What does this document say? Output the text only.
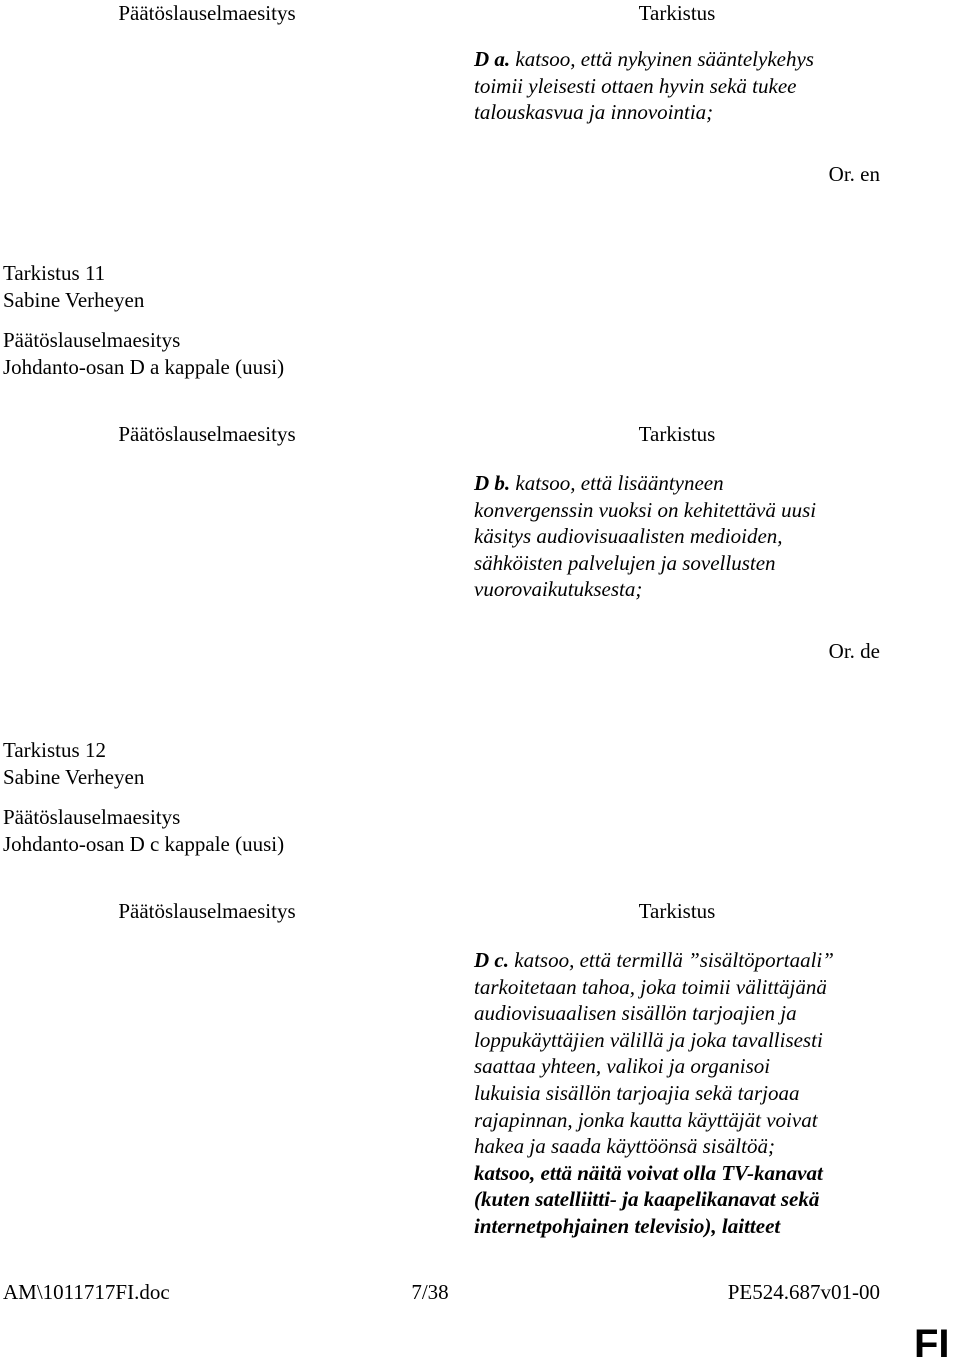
Päätöslauselmaesitys	Tarkistus
D a. katsoo, että nykyinen sääntelykehys
toimii yleisesti ottaen hyvin sekä tukee
talouskasvua ja innovointia;
Or. en
Tarkistus 11
Sabine Verheyen
Päätöslauselmaesitys
Johdanto-osan D a kappale (uusi)
Päätöslauselmaesitys	Tarkistus
D b. katsoo, että lisääntyneen
konvergenssin vuoksi on kehitettävä uusi
käsitys audiovisuaalisten medioiden,
sähköisten palvelujen ja sovellusten
vuorovaikutuksesta;
Or. de
Tarkistus 12
Sabine Verheyen
Päätöslauselmaesitys
Johdanto-osan D c kappale (uusi)
Päätöslauselmaesitys	Tarkistus
D c. katsoo, että termillä ”sisältöportaali”
tarkoitetaan tahoa, joka toimii välittäjänä
audiovisuaalisen sisällön tarjoajien ja
loppukäyttäjien välillä ja joka tavallisesti
saattaa yhteen, valikoi ja organisoi
lukuisia sisällön tarjoajia sekä tarjoaa
rajapinnan, jonka kautta käyttäjät voivat
hakea ja saada käyttöönsä sisältöä;
katsoo, että näitä voivat olla TV-kanavat
(kuten satelliitti- ja kaapelikanavat sekä
internetpohjainen televisio), laitteet
AM\1011717FI.doc	7/38	PE524.687v01-00
FI
